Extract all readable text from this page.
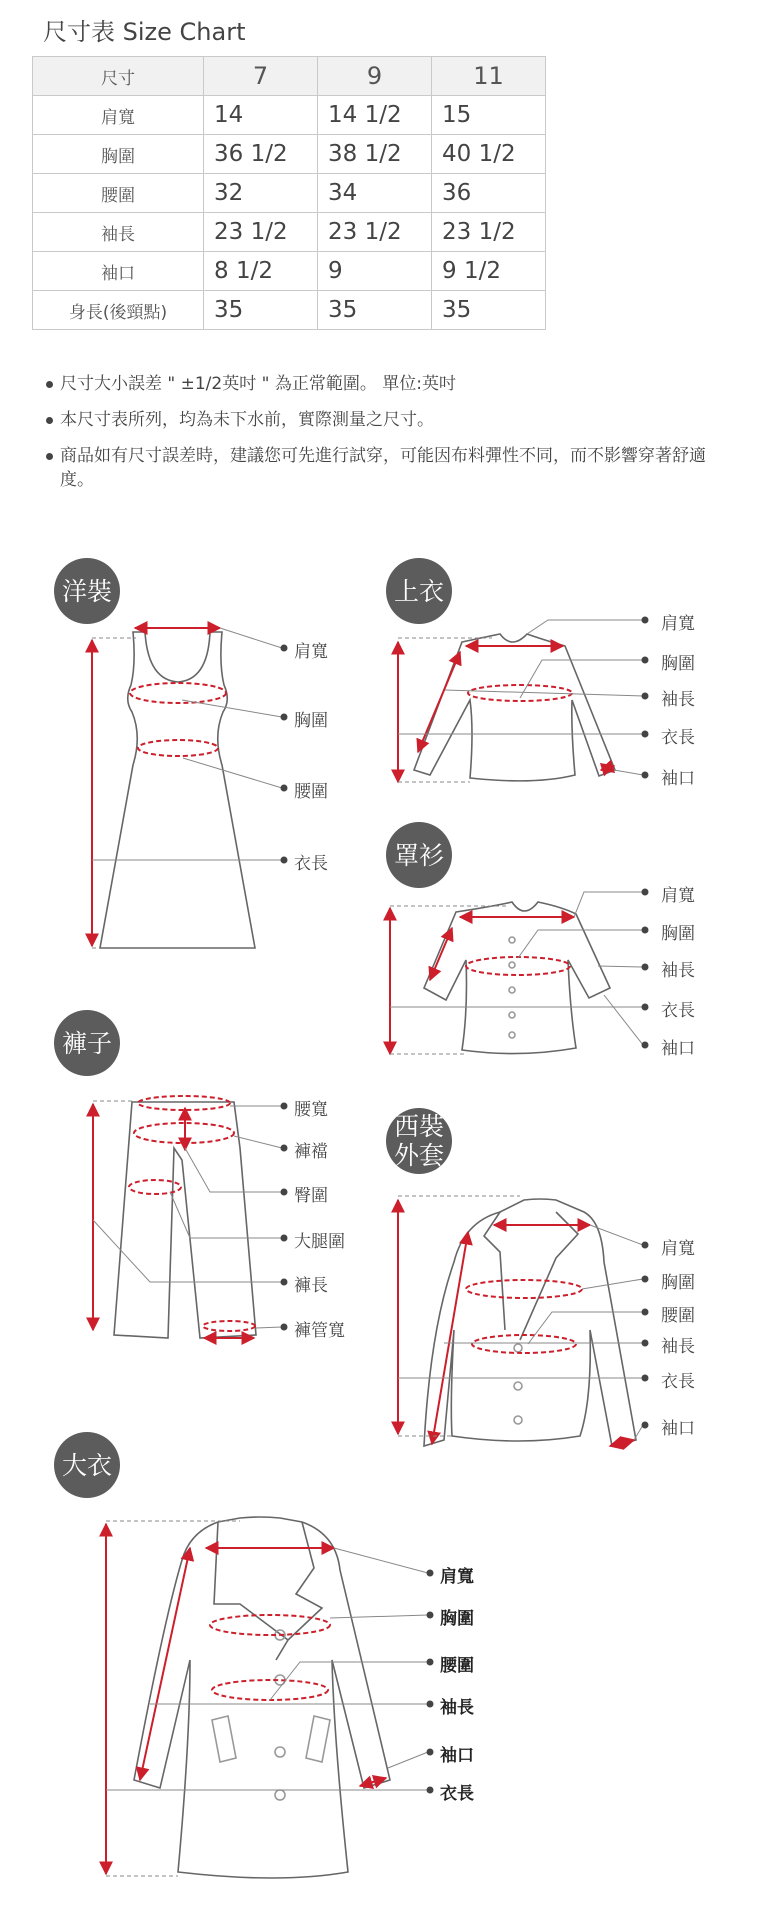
尺寸表 Size Chart
尺寸	7	9	11
肩寬	14	14 1/2	15
胸圍	36 1/2	38 1/2	40 1/2
腰圍	32	34	36
袖長	23 1/2	23 1/2	23 1/2
袖口	8 1/2	9	9 1/2
身長(後頸點)	35	35	35
尺寸大小誤差 " ±1/2英吋 " 為正常範圍。 單位:英吋
本尺寸表所列，均為未下水前，實際測量之尺寸。
商品如有尺寸誤差時，建議您可先進行試穿，可能因布料彈性不同，而不影響穿著舒適度。
洋裝	上衣
罩衫
褲子
西裝
外套
大衣
肩寬
胸圍
腰圍
衣長
肩寬
胸圍
袖長
衣長
袖口
肩寬
胸圍
袖長
衣長
袖口
腰寬
褲襠
臀圍
大腿圍
褲長
褲管寬
肩寬
胸圍
腰圍
袖長
衣長
袖口
肩寬
胸圍
腰圍
袖長
袖口
衣長
